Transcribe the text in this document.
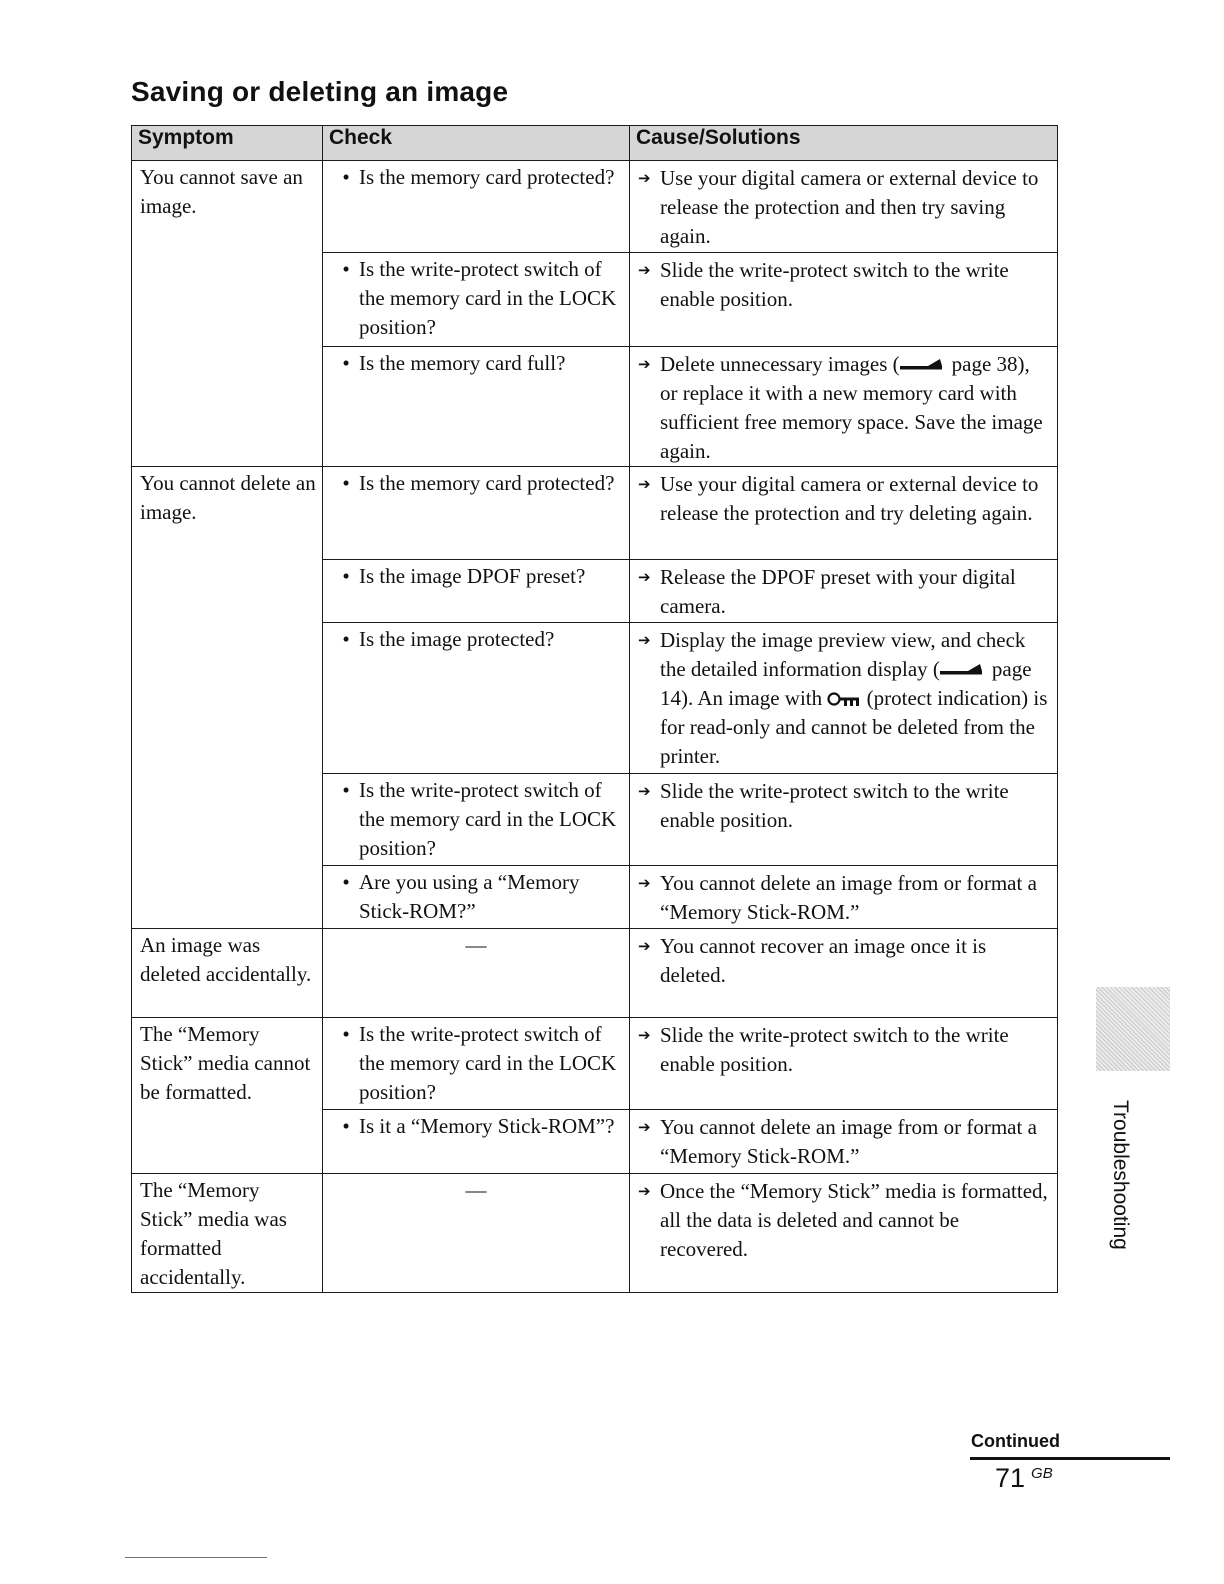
Saving or deleting an image
Symptom	Check	Cause/Solutions
You cannot save an image.	• Is the memory card protected?	➔ Use your digital camera or external device to release the protection and then try saving again.

	• Is the write-protect switch of the memory card in the LOCK position?	➔ Slide the write-protect switch to the write enable position.

	• Is the memory card full?	➔ Delete unnecessary images ( page 38), or replace it with a new memory card with sufficient free memory space. Save the image again.

You cannot delete an image.	• Is the memory card protected?	➔ Use your digital camera or external device to release the protection and try deleting again.

	• Is the image DPOF preset?	➔ Release the DPOF preset with your digital camera.

	• Is the image protected?	➔ Display the image preview view, and check the detailed information display ( page 14). An image with  (protect indication) is for read-only and cannot be deleted from the printer.

	• Is the write-protect switch of the memory card in the LOCK position?	➔ Slide the write-protect switch to the write enable position.

	• Are you using a “Memory Stick-ROM?”	➔ You cannot delete an image from or format a “Memory Stick-ROM.”

An image was deleted accidentally.	—	➔ You cannot recover an image once it is deleted.

The “Memory Stick” media cannot be formatted.	• Is the write-protect switch of the memory card in the LOCK position?	➔ Slide the write-protect switch to the write enable position.

	• Is it a “Memory Stick-ROM”?	➔ You cannot delete an image from or format a “Memory Stick-ROM.”

The “Memory Stick” media was formatted accidentally.	—	➔ Once the “Memory Stick” media is formatted, all the data is deleted and cannot be recovered.	Troubleshooting
Continued
71 $^{GB}$
